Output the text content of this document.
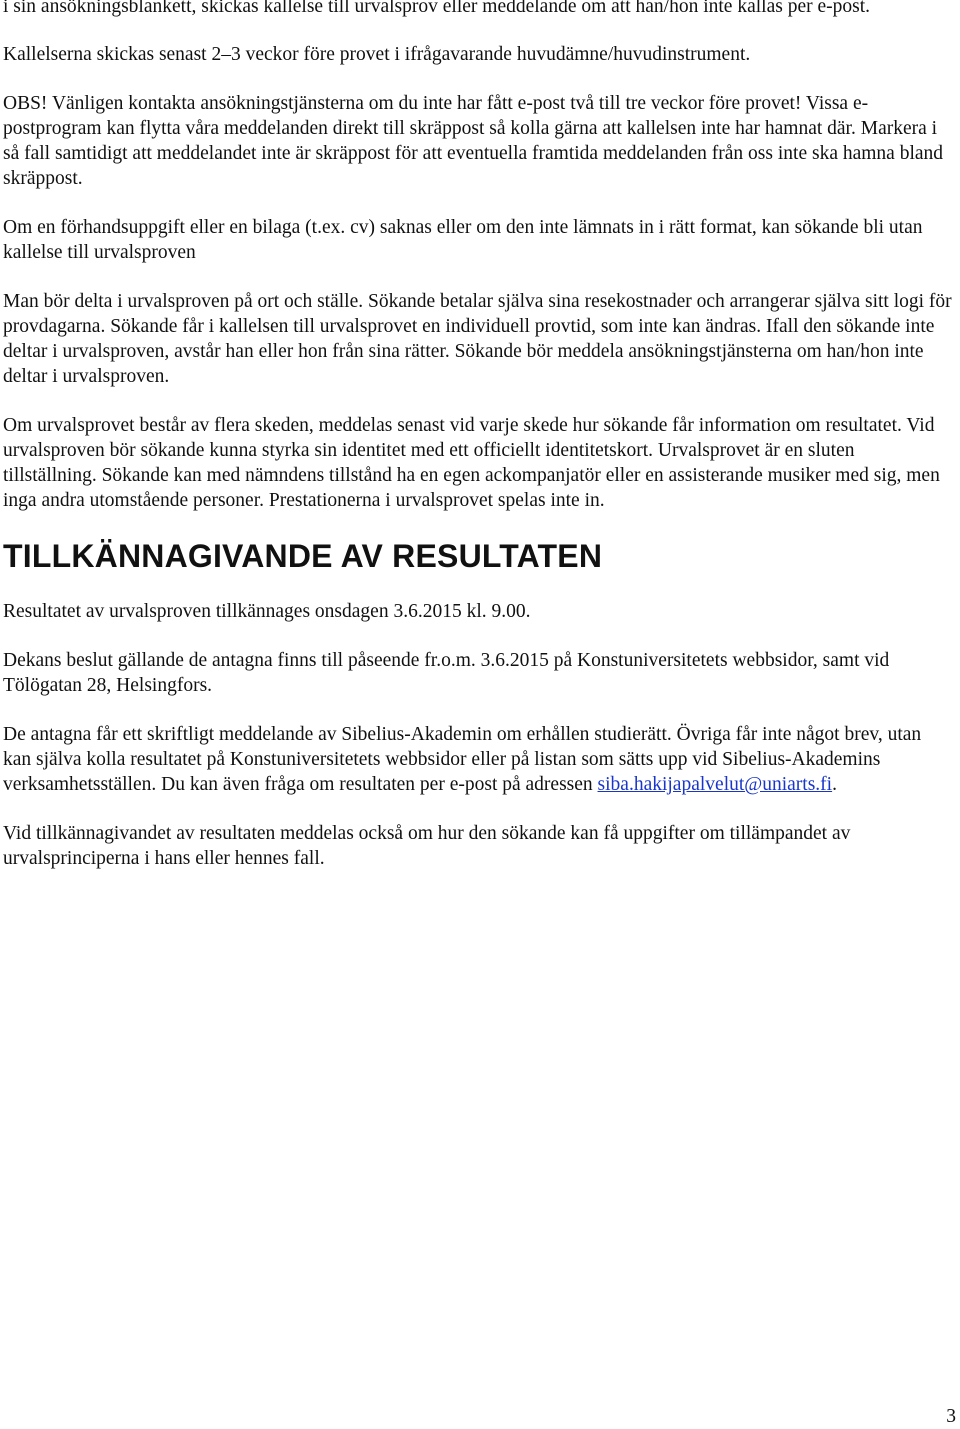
i sin ansökningsblankett, skickas kallelse till urvalsprov eller meddelande om att han/hon inte kallas per e-post.

Kallelserna skickas senast 2–3 veckor före provet i ifrågavarande huvudämne/huvudinstrument.

OBS! Vänligen kontakta ansökningstjänsterna om du inte har fått e-post två till tre veckor före provet! Vissa e-postprogram kan flytta våra meddelanden direkt till skräppost så kolla gärna att kallelsen inte har hamnat där. Markera i så fall samtidigt att meddelandet inte är skräppost för att eventuella framtida meddelanden från oss inte ska hamna bland skräppost.

Om en förhandsuppgift eller en bilaga (t.ex. cv) saknas eller om den inte lämnats in i rätt format, kan sökande bli utan kallelse till urvalsproven

Man bör delta i urvalsproven på ort och ställe. Sökande betalar själva sina resekostnader och arrangerar själva sitt logi för provdagarna. Sökande får i kallelsen till urvalsprovet en individuell provtid, som inte kan ändras. Ifall den sökande inte deltar i urvalsproven, avstår han eller hon från sina rätter. Sökande bör meddela ansökningstjänsterna om han/hon inte deltar i urvalsproven.

Om urvalsprovet består av flera skeden, meddelas senast vid varje skede hur sökande får information om resultatet. Vid urvalsproven bör sökande kunna styrka sin identitet med ett officiellt identitetskort. Urvalsprovet är en sluten tillställning. Sökande kan med nämndens tillstånd ha en egen ackompanjatör eller en assisterande musiker med sig, men inga andra utomstående personer. Prestationerna i urvalsprovet spelas inte in.

TILLKÄNNAGIVANDE AV RESULTATEN

Resultatet av urvalsproven tillkännages onsdagen 3.6.2015 kl. 9.00.

Dekans beslut gällande de antagna finns till påseende fr.o.m. 3.6.2015 på Konstuniversitetets webbsidor, samt vid Tölögatan 28, Helsingfors.

De antagna får ett skriftligt meddelande av Sibelius-Akademin om erhållen studierätt. Övriga får inte något brev, utan kan själva kolla resultatet på Konstuniversitetets webbsidor eller på listan som sätts upp vid Sibelius-Akademins verksamhetsställen. Du kan även fråga om resultaten per e-post på adressen siba.hakijapalvelut@uniarts.fi.

Vid tillkännagivandet av resultaten meddelas också om hur den sökande kan få uppgifter om tillämpandet av urvalsprinciperna i hans eller hennes fall.

3
